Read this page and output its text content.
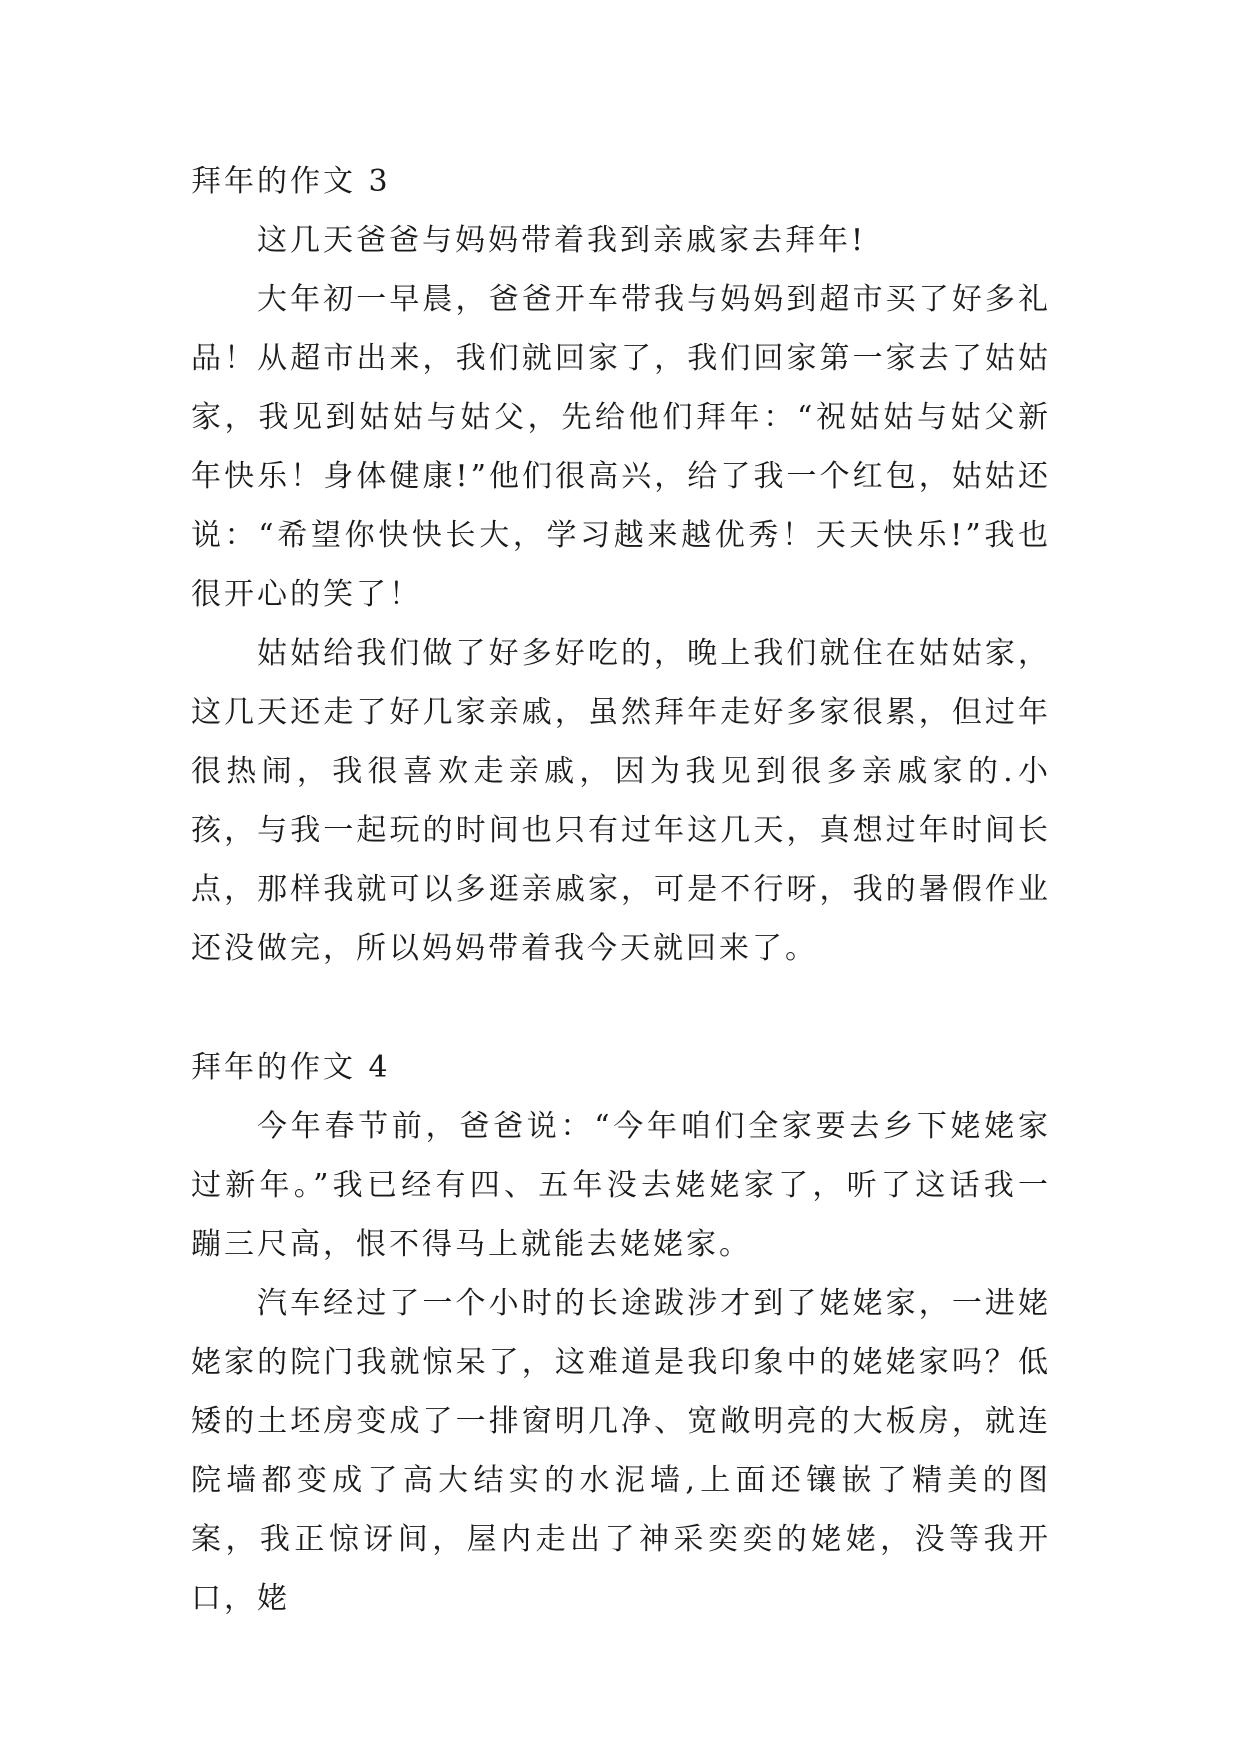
拜年的作文 3

这几天爸爸与妈妈带着我到亲戚家去拜年!

大年初一早晨，爸爸开车带我与妈妈到超市买了好多礼品！从超市出来，我们就回家了，我们回家第一家去了姑姑家，我见到姑姑与姑父，先给他们拜年：“祝姑姑与姑父新年快乐！身体健康!”他们很高兴，给了我一个红包，姑姑还说：“希望你快快长大，学习越来越优秀！天天快乐!”我也很开心的笑了！

姑姑给我们做了好多好吃的，晚上我们就住在姑姑家，这几天还走了好几家亲戚，虽然拜年走好多家很累，但过年很热闹，我很喜欢走亲戚，因为我见到很多亲戚家的.小孩，与我一起玩的时间也只有过年这几天，真想过年时间长点，那样我就可以多逛亲戚家，可是不行呀，我的暑假作业还没做完，所以妈妈带着我今天就回来了。

拜年的作文 4

今年春节前，爸爸说：“今年咱们全家要去乡下姥姥家过新年。”我已经有四、五年没去姥姥家了，听了这话我一蹦三尺高，恨不得马上就能去姥姥家。

汽车经过了一个小时的长途跋涉才到了姥姥家，一进姥姥家的院门我就惊呆了，这难道是我印象中的姥姥家吗？低矮的土坯房变成了一排窗明几净、宽敞明亮的大板房，就连院墙都变成了高大结实的水泥墙,上面还镶嵌了精美的图案，我正惊讶间，屋内走出了神采奕奕的姥姥，没等我开口，姥
